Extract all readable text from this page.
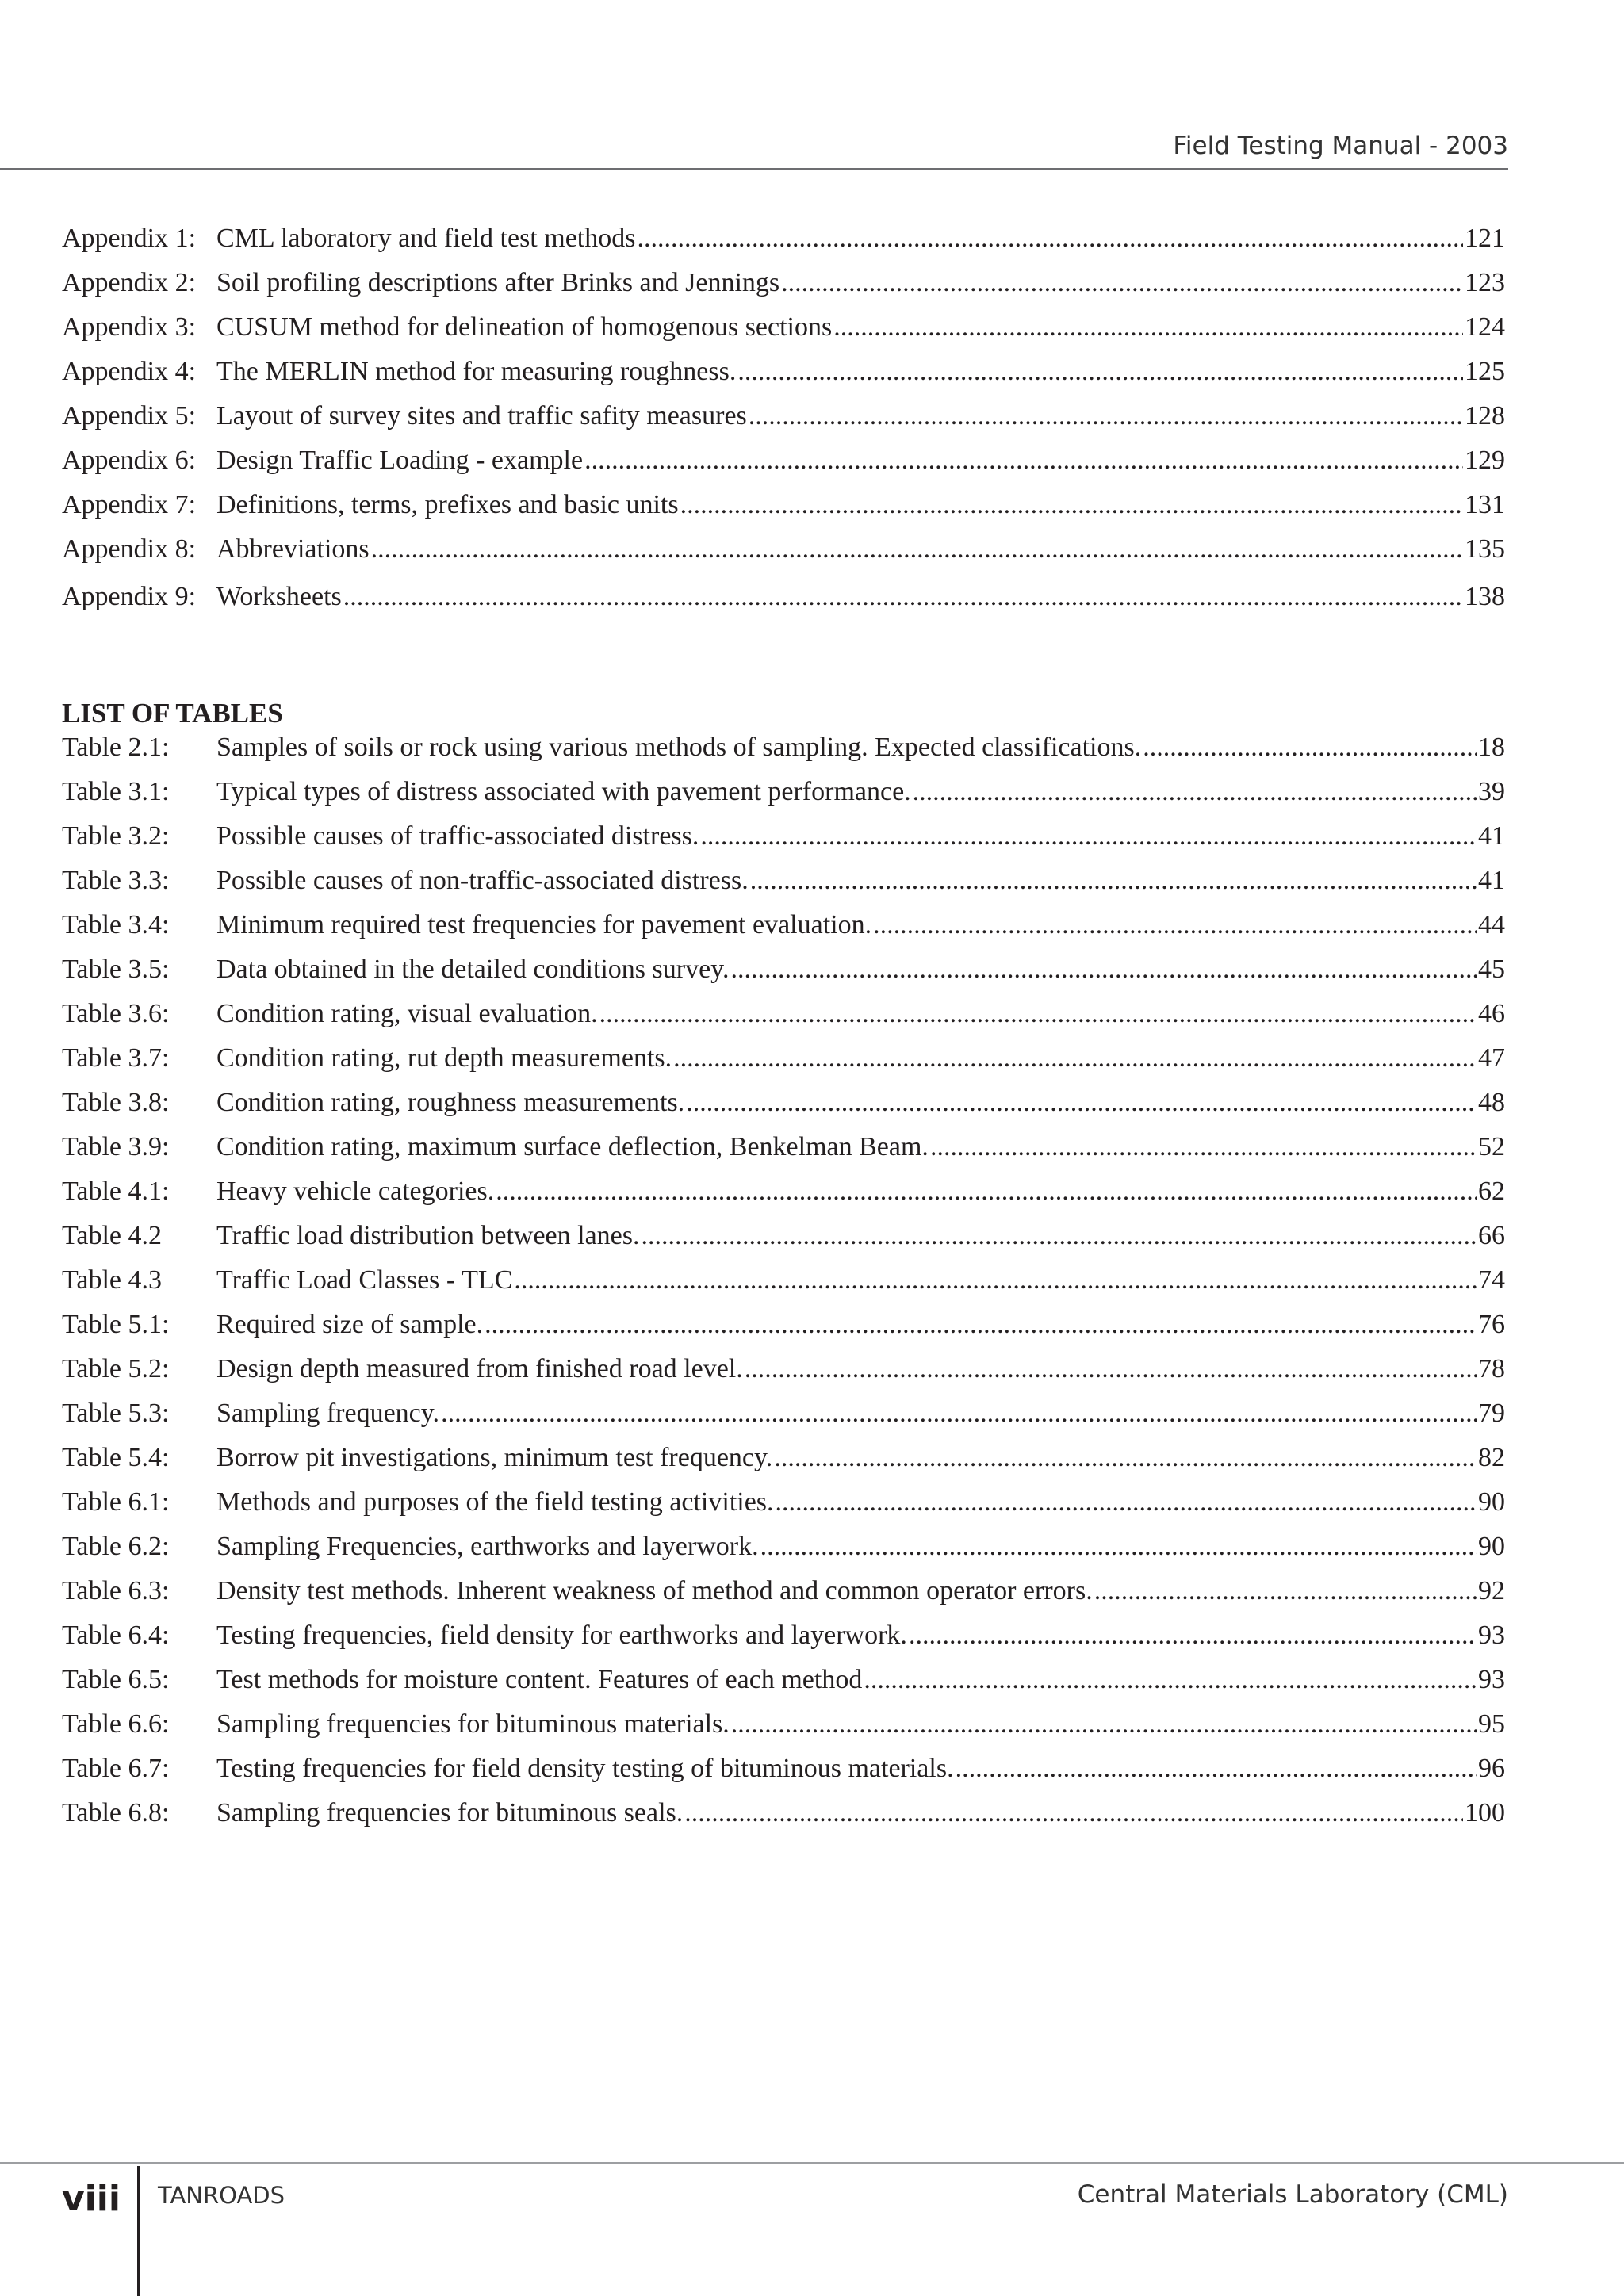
Field Testing Manual - 2003
Appendix 1: CML laboratory and field test methods .....	121
Appendix 2: Soil profiling descriptions after Brinks and Jennings .....	123
Appendix 3: CUSUM method for delineation of homogenous sections .....	124
Appendix 4: The MERLIN method for measuring roughness. .....	125
Appendix 5: Layout of survey sites and traffic safity measures .....	128
Appendix 6: Design Traffic Loading - example .....	129
Appendix 7: Definitions, terms, prefixes and basic units .....	131
Appendix 8: Abbreviations .....	135
Appendix 9: Worksheets .....	138
LIST OF TABLES
Table 2.1:	Samples of soils or rock using various methods of sampling. Expected classifications. .....	18
Table 3.1:	Typical types of distress associated with pavement performance. .....	39
Table 3.2:	Possible causes of traffic-associated distress. .....	41
Table 3.3:	Possible causes of non-traffic-associated distress. .....	41
Table 3.4:	Minimum required test frequencies for pavement evaluation. .....	44
Table 3.5:	Data obtained in the detailed conditions survey. .....	45
Table 3.6:	Condition rating, visual evaluation. .....	46
Table 3.7:	Condition rating, rut depth measurements. .....	47
Table 3.8:	Condition rating, roughness measurements. .....	48
Table 3.9:	Condition rating, maximum surface deflection, Benkelman Beam. .....	52
Table 4.1:	Heavy vehicle categories. .....	62
Table 4.2	Traffic load distribution between lanes. .....	66
Table 4.3	Traffic Load Classes - TLC .....	74
Table 5.1:	Required size of sample. .....	76
Table 5.2:	Design depth measured from finished road level. .....	78
Table 5.3:	Sampling frequency. .....	79
Table 5.4:	Borrow pit investigations, minimum test frequency. .....	82
Table 6.1:	Methods and purposes of the field testing activities. .....	90
Table 6.2:	Sampling Frequencies, earthworks and layerwork. .....	90
Table 6.3:	Density test methods. Inherent weakness of method and common operator errors. .....	92
Table 6.4:	Testing frequencies, field density for earthworks and layerwork. .....	93
Table 6.5:	Test methods for moisture content. Features of each method .....	93
Table 6.6:	Sampling frequencies for bituminous materials. .....	95
Table 6.7:	Testing frequencies for field density testing of bituminous materials. .....	96
Table 6.8:	Sampling frequencies for bituminous seals. .....	100
viii TANROADS	Central Materials Laboratory (CML)
